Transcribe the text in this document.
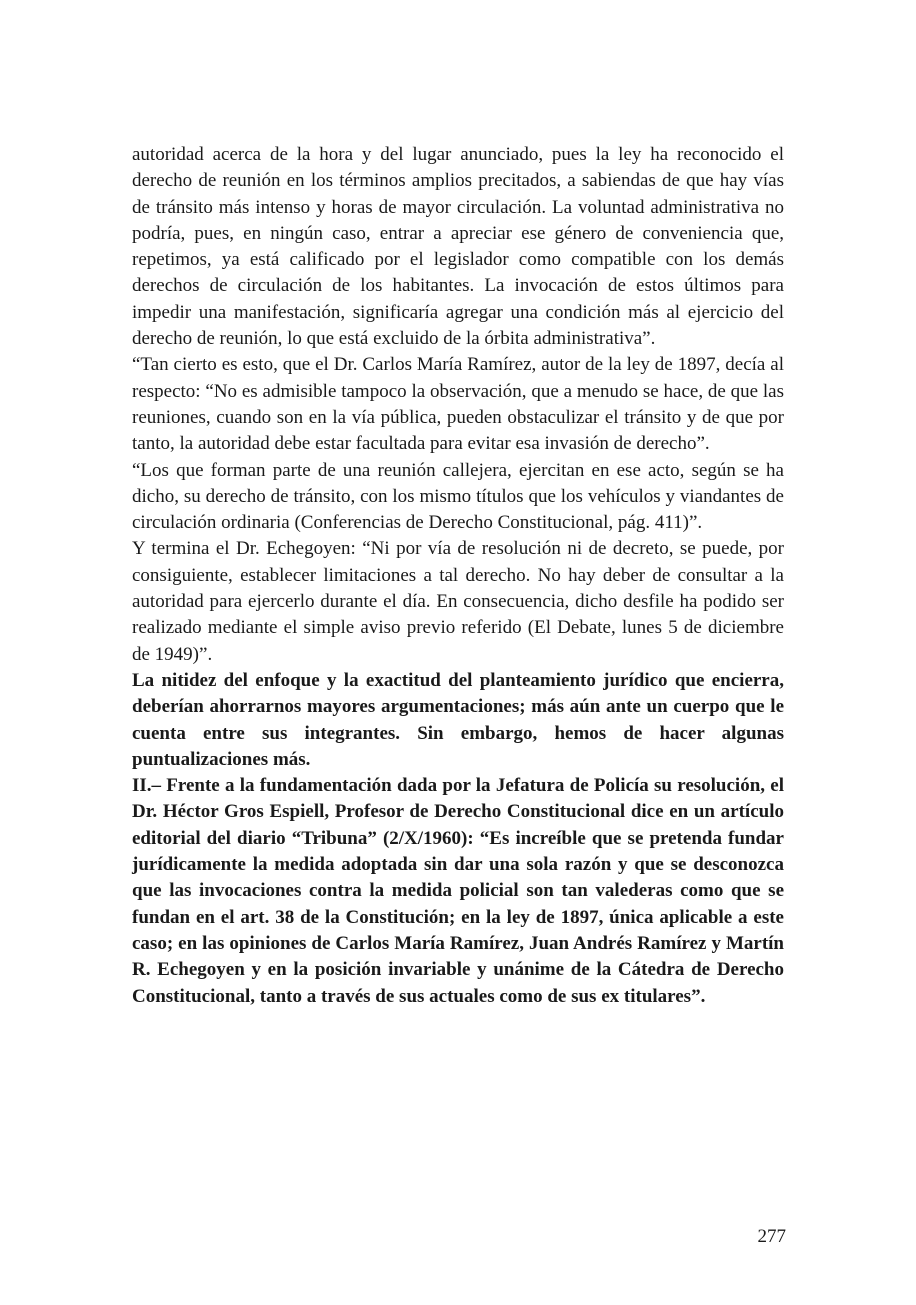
autoridad acerca de la hora y del lugar anunciado, pues la ley ha reconocido el derecho de reunión en los términos amplios precitados, a sabiendas de que hay vías de tránsito más intenso y horas de mayor circulación. La voluntad administrativa no podría, pues, en ningún caso, entrar a apreciar ese género de conveniencia que, repetimos, ya está calificado por el legislador como compatible con los demás derechos de circulación de los habitantes. La invocación de estos últimos para impedir una manifestación, significaría agregar una condición más al ejercicio del derecho de reunión, lo que está excluido de la órbita administrativa”.

“Tan cierto es esto, que el Dr. Carlos María Ramírez, autor de la ley de 1897, decía al respecto: “No es admisible tampoco la observación, que a menudo se hace, de que las reuniones, cuando son en la vía pública, pueden obstaculizar el tránsito y de que por tanto, la autoridad debe estar facultada para evitar esa invasión de derecho”.

“Los que forman parte de una reunión callejera, ejercitan en ese acto, según se ha dicho, su derecho de tránsito, con los mismo títulos que los vehículos y viandantes de circulación ordinaria (Conferencias de Derecho Constitucional, pág. 411)”.

Y termina el Dr. Echegoyen: “Ni por vía de resolución ni de decreto, se puede, por consiguiente, establecer limitaciones a tal derecho. No hay deber de consultar a la autoridad para ejercerlo durante el día. En consecuencia, dicho desfile ha podido ser realizado mediante el simple aviso previo referido (El Debate, lunes 5 de diciembre de 1949)”.

La nitidez del enfoque y la exactitud del planteamiento jurídico que encierra, deberían ahorrarnos mayores argumentaciones; más aún ante un cuerpo que le cuenta entre sus integrantes. Sin embargo, hemos de hacer algunas puntualizaciones más.

II.– Frente a la fundamentación dada por la Jefatura de Policía su resolución, el Dr. Héctor Gros Espiell, Profesor de Derecho Constitucional dice en un artículo editorial del diario “Tribuna” (2/X/1960): “Es increíble que se pretenda fundar jurídicamente la medida adoptada sin dar una sola razón y que se desconozca que las invocaciones contra la medida policial son tan valederas como que se fundan en el art. 38 de la Constitución; en la ley de 1897, única aplicable a este caso; en las opiniones de Carlos María Ramírez, Juan Andrés Ramírez y Martín R. Echegoyen y en la posición invariable y unánime de la Cátedra de Derecho Constitucional, tanto a través de sus actuales como de sus ex titulares”.

277
